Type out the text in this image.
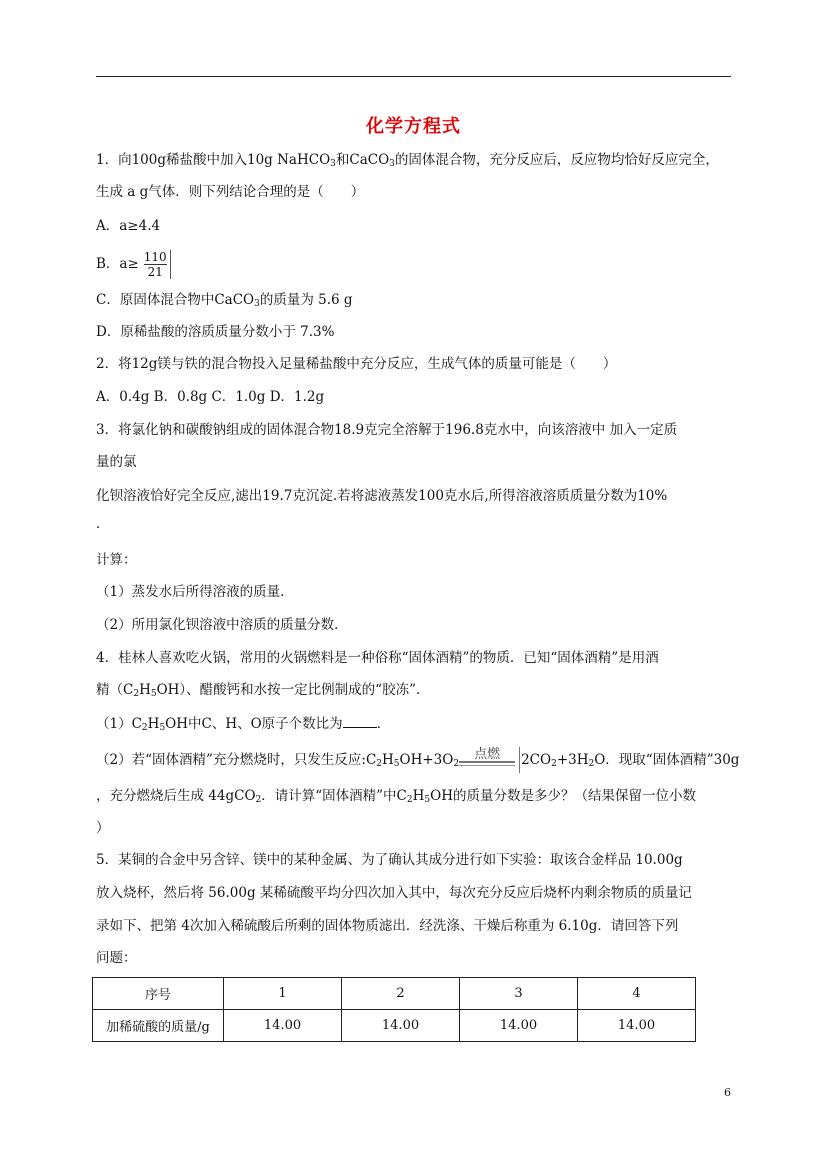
化学方程式
1．向100g稀盐酸中加入10g NaHCO$_3$和CaCO$_3$的固体混合物，充分反应后，反应物均恰好反应完全，
生成 a g气体．则下列结论合理的是（　　）
A．a≥4.4
B．$a\ge \frac{110}{21}$
C．原固体混合物中CaCO$_3$的质量为 5.6 g
D．原稀盐酸的溶质质量分数小于 7.3%
2．将12g镁与铁的混合物投入足量稀盐酸中充分反应，生成气体的质量可能是（　　）
A．0.4g B．0.8g C．1.0g D．1.2g
3．将氯化钠和碳酸钠组成的固体混合物18.9克完全溶解于196.8克水中，向该溶液中 加入一定质
量的氯
化钡溶液恰好完全反应,滤出19.7克沉淀.若将滤液蒸发100克水后,所得溶液溶质质量分数为10%
．
计算：
（1）蒸发水后所得溶液的质量．
（2）所用氯化钡溶液中溶质的质量分数．
4．桂林人喜欢吃火锅，常用的火锅燃料是一种俗称“固体酒精”的物质．已知“固体酒精”是用酒
精$(C_2H_5OH)$、醋酸钙和水按一定比例制成的“胶冻”．
$(1)C_2H_5OH$中C、H、O原子个数比为	．
（2）若“固体酒精”充分燃烧时，只发生反应$:C_2H_5OH+3O_2$
点燃	$2CO_2+3H_2O$．现取“固体酒精”30g
，充分燃烧后生成 44gCO$_2$．请计算“固体酒精”中$C_2H_5OH$的质量分数是多少？（结果保留一位小数
）
5．某铜的合金中另含锌、镁中的某种金属、为了确认其成分进行如下实验：取该合金样品 10.00g
放入烧杯，然后将 56.00g 某稀硫酸平均分四次加入其中，每次充分反应后烧杯内剩余物质的质量记
录如下、把第 4次加入稀硫酸后所剩的固体物质滤出．经洗涤、干燥后称重为 6.10g．请回答下列
问题：
序号	1	2	3	4
加稀硫酸的质量/g	14.00	14.00	14.00	14.00
6
